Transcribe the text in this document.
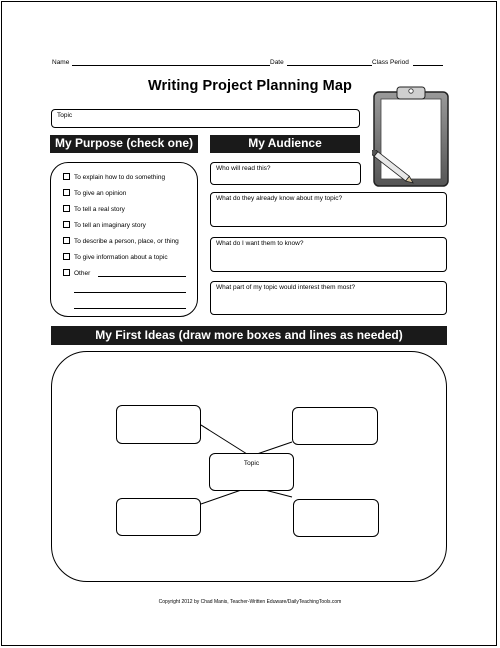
Name	Date	Class Period
Writing Project Planning Map
Topic
My Purpose (check one)
To explain how to do something
To give an opinion
To tell a real story
To tell an imaginary story
To describe a person, place, or thing
To give information about a topic
Other
My Audience
Who will read this?
What do they already know about my topic?
What do I want them to know?
What part of my topic would interest them most?
My First Ideas (draw more boxes and lines as needed)
Topic
Copyright 2012 by Chad Manis, Teacher-Written Eduware/DailyTeachingTools.com
